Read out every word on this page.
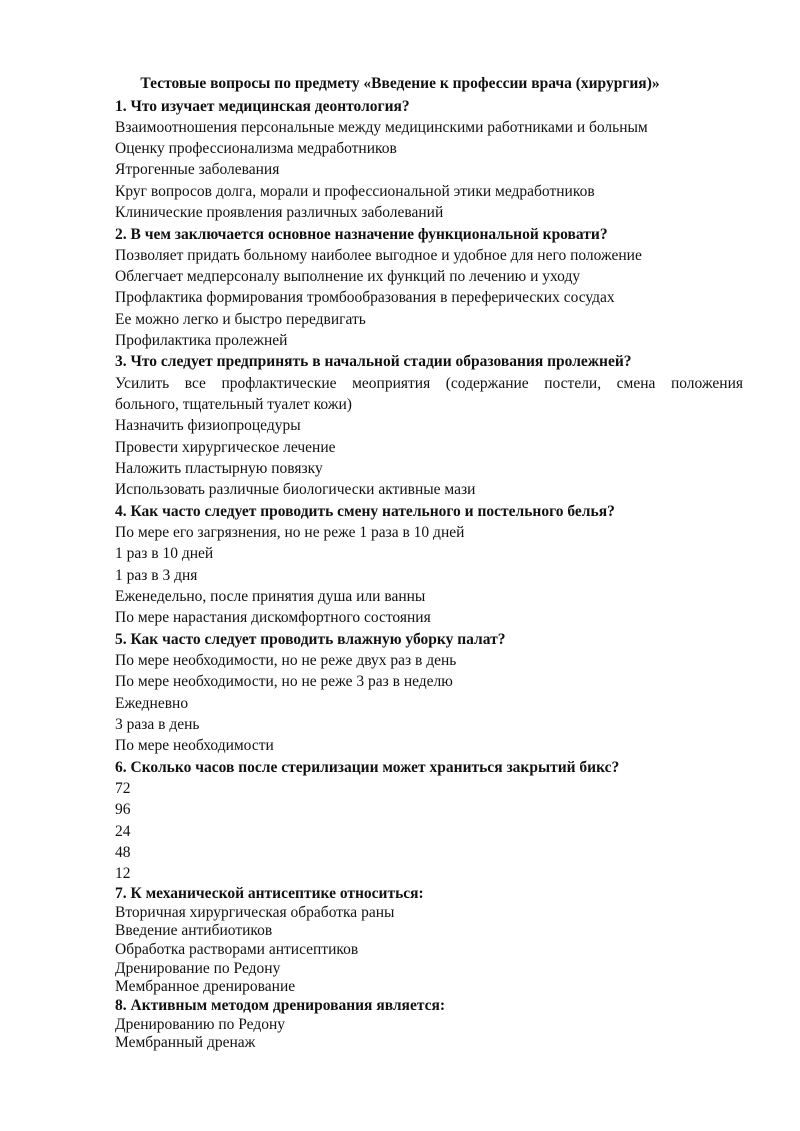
Тестовые вопросы по предмету «Введение к профессии врача (хирургия)»
1. Что изучает медицинская деонтология?
Взаимоотношения персональные между медицинскими работниками и больным
Оценку профессионализма медработников
Ятрогенные заболевания
Круг вопросов долга, морали и профессиональной этики медработников
Клинические проявления различных заболеваний
2. В чем заключается основное назначение функциональной кровати?
Позволяет придать больному наиболее выгодное и удобное для него положение
Облегчает медперсоналу выполнение их функций по лечению и уходу
Профлактика формирования тромбообразования в переферических сосудах
Ее можно легко и быстро передвигать
Профилактика пролежней
3. Что следует предпринять в начальной стадии образования пролежней?
Усилить все профлактические меоприятия (содержание постели, смена положения
больного, тщательный туалет кожи)
Назначить физиопроцедуры
Провести хирургическое лечение
Наложить пластырную повязку
Использовать различные биологически активные мази
4. Как часто следует проводить смену нательного и постельного белья?
По мере его загрязнения, но не реже 1 раза в 10 дней
1 раз в 10 дней
1 раз в 3 дня
Еженедельно, после принятия душа или ванны
По мере нарастания дискомфортного состояния
5. Как часто следует проводить влажную уборку палат?
По мере необходимости, но не реже двух раз в день
По мере необходимости, но не реже 3 раз в неделю
Ежедневно
3 раза в день
По мере необходимости
6. Сколько часов после стерилизации может храниться закрытий бикс?
72
96
24
48
12
7. К механической антисептике относиться:
Вторичная хирургическая обработка раны
Введение антибиотиков
Обработка растворами антисептиков
Дренирование по Редону
Мембранное дренирование
8. Активным методом дренирования является:
Дренированию по Редону
Мембранный дренаж
